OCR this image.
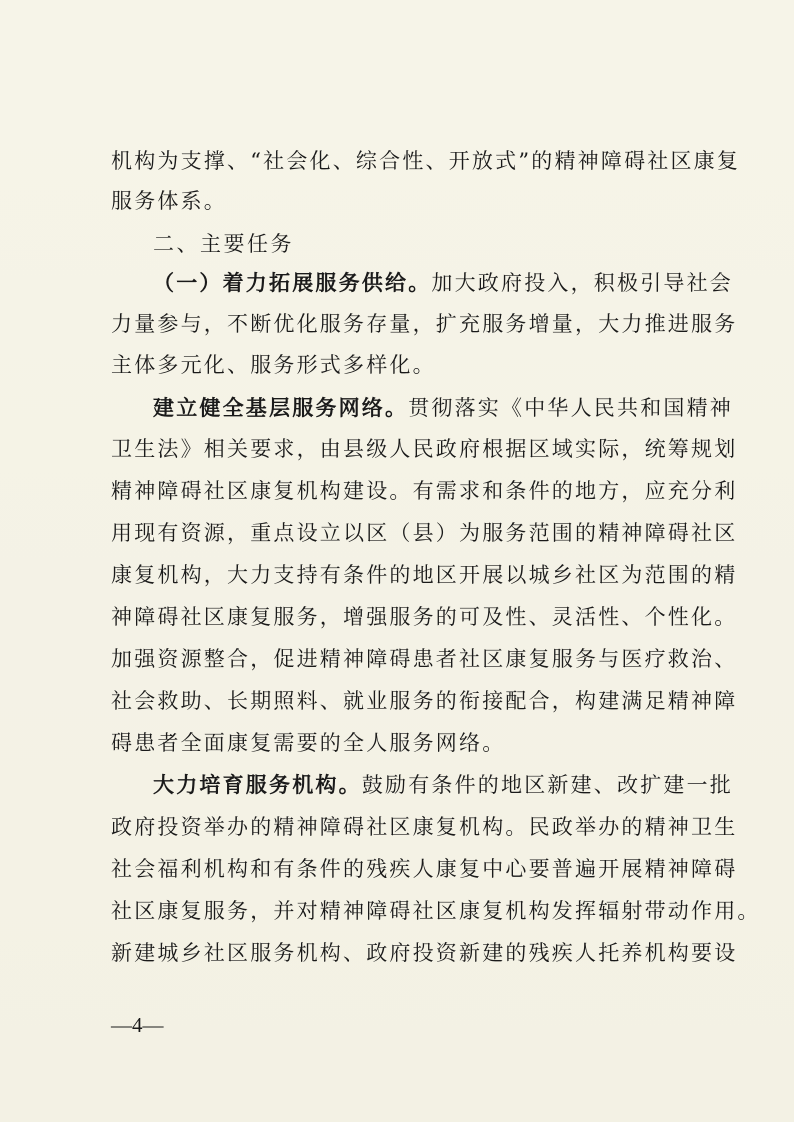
机构为支撑、“社会化、综合性、开放式”的精神障碍社区康复
服务体系。
二、主要任务
（一）着力拓展服务供给。加大政府投入，积极引导社会
力量参与，不断优化服务存量，扩充服务增量，大力推进服务
主体多元化、服务形式多样化。
建立健全基层服务网络。贯彻落实《中华人民共和国精神
卫生法》相关要求，由县级人民政府根据区域实际，统筹规划
精神障碍社区康复机构建设。有需求和条件的地方，应充分利
用现有资源，重点设立以区（县）为服务范围的精神障碍社区
康复机构，大力支持有条件的地区开展以城乡社区为范围的精
神障碍社区康复服务，增强服务的可及性、灵活性、个性化。
加强资源整合，促进精神障碍患者社区康复服务与医疗救治、
社会救助、长期照料、就业服务的衔接配合，构建满足精神障
碍患者全面康复需要的全人服务网络。
大力培育服务机构。鼓励有条件的地区新建、改扩建一批
政府投资举办的精神障碍社区康复机构。民政举办的精神卫生
社会福利机构和有条件的残疾人康复中心要普遍开展精神障碍
社区康复服务，并对精神障碍社区康复机构发挥辐射带动作用。
新建城乡社区服务机构、政府投资新建的残疾人托养机构要设
—4—
